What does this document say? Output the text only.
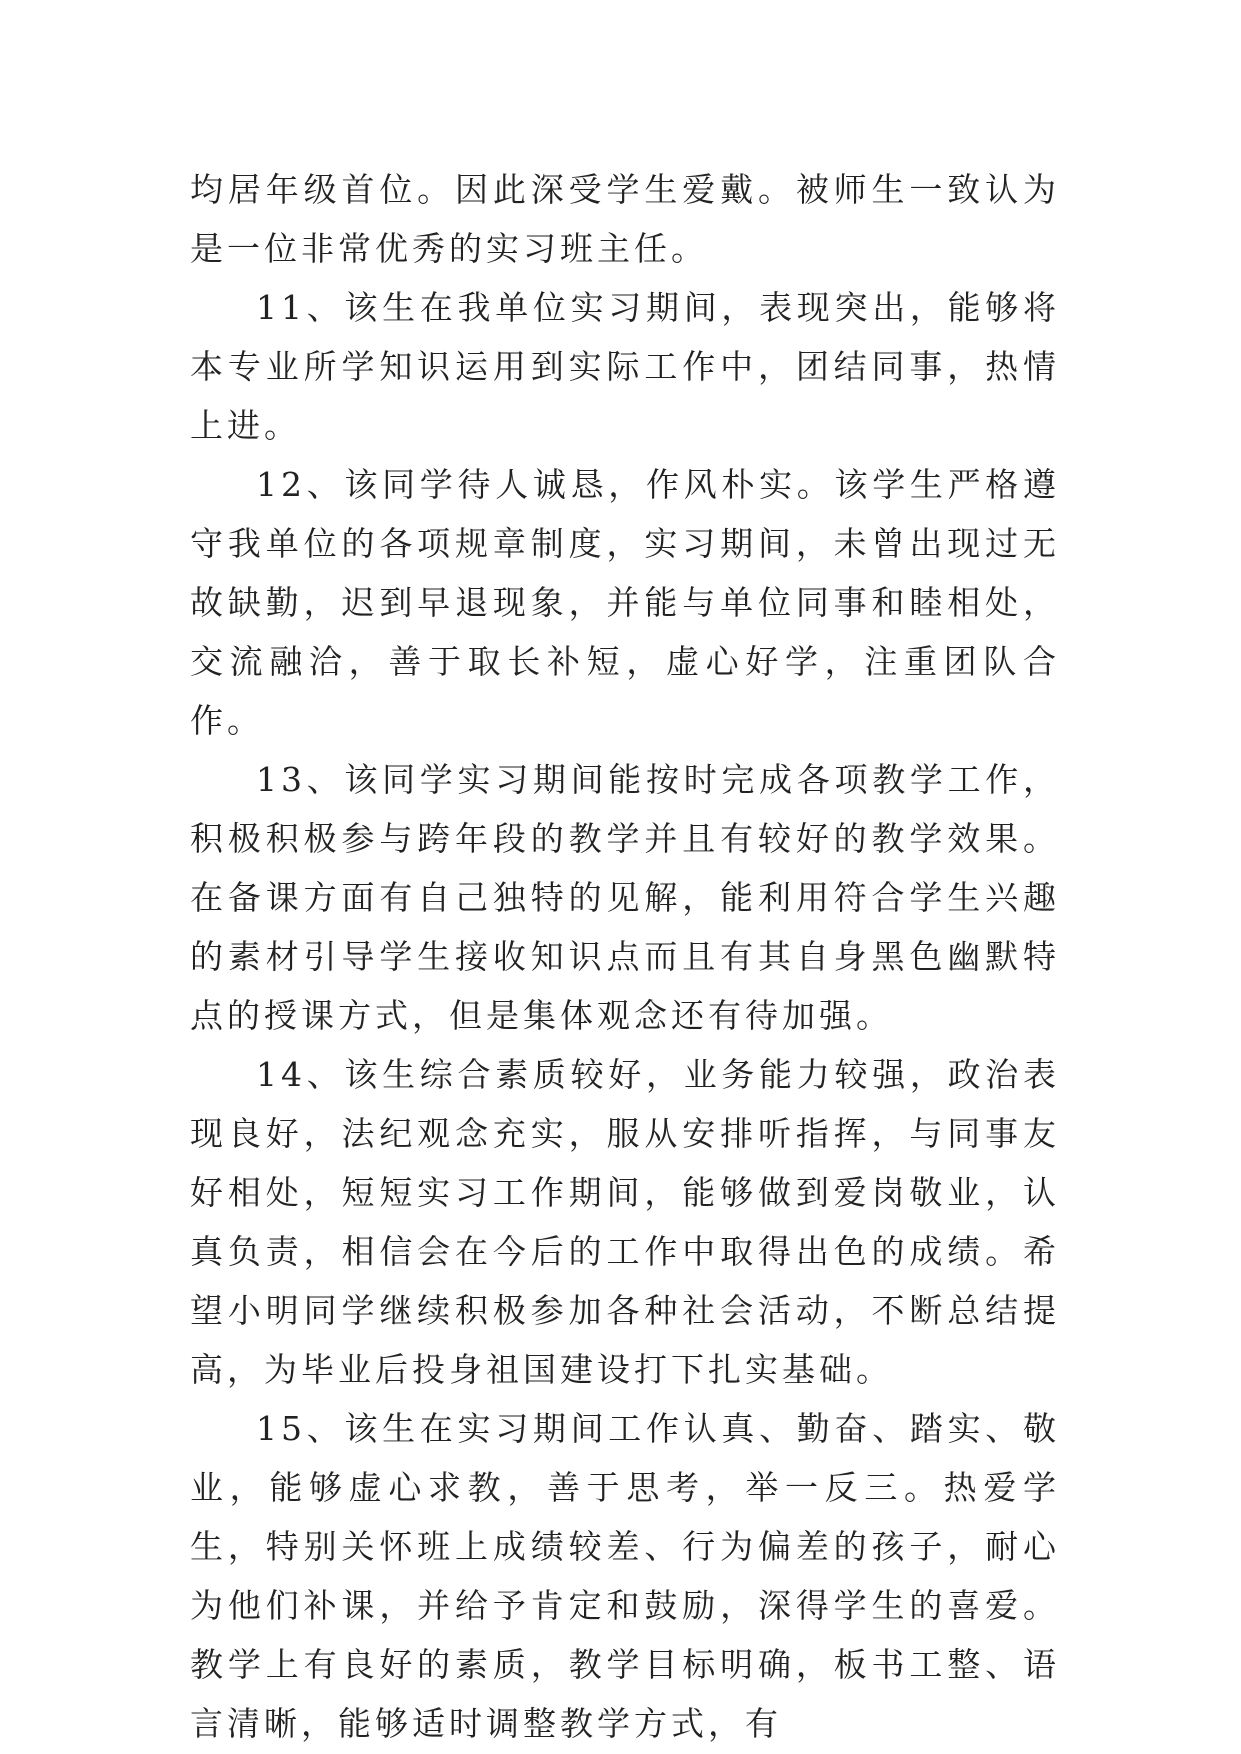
均居年级首位。因此深受学生爱戴。被师生一致认为是一位非常优秀的实习班主任。

11、该生在我单位实习期间，表现突出，能够将本专业所学知识运用到实际工作中，团结同事，热情上进。

12、该同学待人诚恳，作风朴实。该学生严格遵守我单位的各项规章制度，实习期间，未曾出现过无故缺勤，迟到早退现象，并能与单位同事和睦相处，交流融洽，善于取长补短，虚心好学，注重团队合作。

13、该同学实习期间能按时完成各项教学工作，积极积极参与跨年段的教学并且有较好的教学效果。在备课方面有自己独特的见解，能利用符合学生兴趣的素材引导学生接收知识点而且有其自身黑色幽默特点的授课方式，但是集体观念还有待加强。

14、该生综合素质较好，业务能力较强，政治表现良好，法纪观念充实，服从安排听指挥，与同事友好相处，短短实习工作期间，能够做到爱岗敬业，认真负责，相信会在今后的工作中取得出色的成绩。希望小明同学继续积极参加各种社会活动，不断总结提高，为毕业后投身祖国建设打下扎实基础。

15、该生在实习期间工作认真、勤奋、踏实、敬业，能够虚心求教，善于思考，举一反三。热爱学生，特别关怀班上成绩较差、行为偏差的孩子，耐心为他们补课，并给予肯定和鼓励，深得学生的喜爱。教学上有良好的素质，教学目标明确，板书工整、语言清晰，能够适时调整教学方式，有
